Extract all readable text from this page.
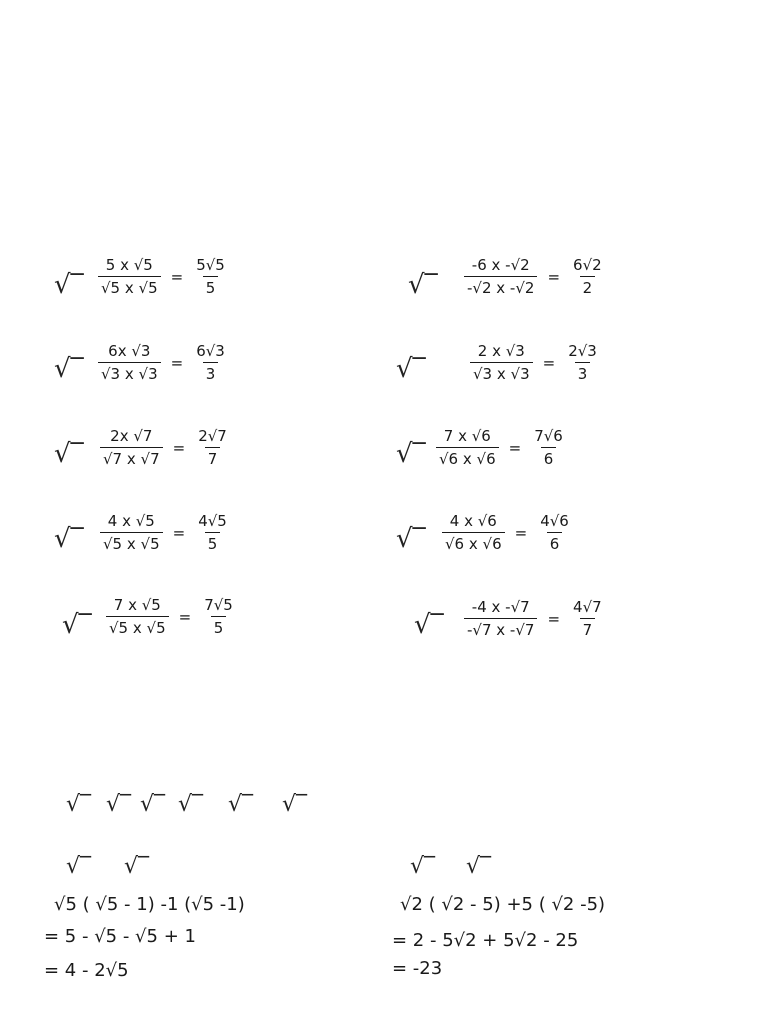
√‾	√‾
√‾	√‾
√‾	√‾
√‾	√‾
√‾	√‾
$\frac{5 x √5}{√5 x √5} = \frac{5√5}{5}$	$\frac{-6 x -√2}{-√2 x -√2} = \frac{6√2}{2}$
$\frac{6x √3}{√3 x √3} = \frac{6√3}{3}$	$\frac{2 x √3}{√3 x √3} = \frac{2√3}{3}$
$\frac{2x √7}{√7 x √7} = \frac{2√7}{7}$	$\frac{7 x √6}{√6 x √6} = \frac{7√6}{6}$
$\frac{4 x √5}{√5 x √5} = \frac{4√5}{5}$	$\frac{4 x √6}{√6 x √6} = \frac{4√6}{6}$
$\frac{7 x √5}{√5 x √5} = \frac{7√5}{5}$	$\frac{-4 x -√7}{-√7 x -√7} = \frac{4√7}{7}$
√‾ √‾ √‾ √‾ √‾ √‾
√‾ √‾	√‾ √‾
√5 ( √5 - 1) -1 (√5 -1)
= 5 - √5 - √5 + 1
= 4 - 2√5
√2 ( √2 - 5) +5 ( √2 -5)
= 2 - 5√2 + 5√2 - 25
= -23
